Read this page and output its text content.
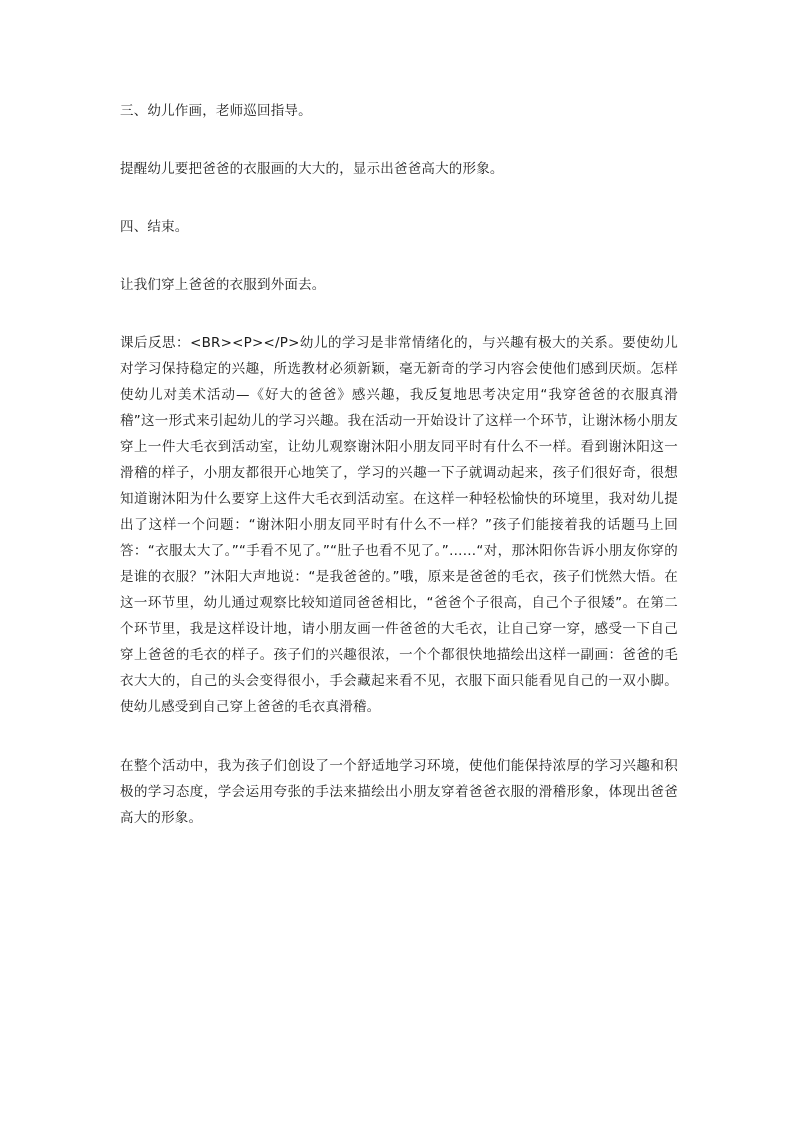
三、幼儿作画，老师巡回指导。

提醒幼儿要把爸爸的衣服画的大大的，显示出爸爸高大的形象。

四、结束。

让我们穿上爸爸的衣服到外面去。

课后反思：<BR><P></P>幼儿的学习是非常情绪化的，与兴趣有极大的关系。要使幼儿对学习保持稳定的兴趣，所选教材必须新颖，毫无新奇的学习内容会使他们感到厌烦。怎样使幼儿对美术活动—《好大的爸爸》感兴趣，我反复地思考决定用“我穿爸爸的衣服真滑稽”这一形式来引起幼儿的学习兴趣。我在活动一开始设计了这样一个环节，让谢沐杨小朋友穿上一件大毛衣到活动室，让幼儿观察谢沐阳小朋友同平时有什么不一样。看到谢沐阳这一滑稽的样子，小朋友都很开心地笑了，学习的兴趣一下子就调动起来，孩子们很好奇，很想知道谢沐阳为什么要穿上这件大毛衣到活动室。在这样一种轻松愉快的环境里，我对幼儿提出了这样一个问题：“谢沐阳小朋友同平时有什么不一样？”孩子们能接着我的话题马上回答：“衣服太大了。”“手看不见了。”“肚子也看不见了。”……“对，那沐阳你告诉小朋友你穿的是谁的衣服？”沐阳大声地说：“是我爸爸的。”哦，原来是爸爸的毛衣，孩子们恍然大悟。在这一环节里，幼儿通过观察比较知道同爸爸相比，“爸爸个子很高，自己个子很矮”。在第二个环节里，我是这样设计地，请小朋友画一件爸爸的大毛衣，让自己穿一穿，感受一下自己穿上爸爸的毛衣的样子。孩子们的兴趣很浓，一个个都很快地描绘出这样一副画：爸爸的毛衣大大的，自己的头会变得很小，手会藏起来看不见，衣服下面只能看见自己的一双小脚。使幼儿感受到自己穿上爸爸的毛衣真滑稽。

在整个活动中，我为孩子们创设了一个舒适地学习环境，使他们能保持浓厚的学习兴趣和积极的学习态度，学会运用夸张的手法来描绘出小朋友穿着爸爸衣服的滑稽形象，体现出爸爸高大的形象。
